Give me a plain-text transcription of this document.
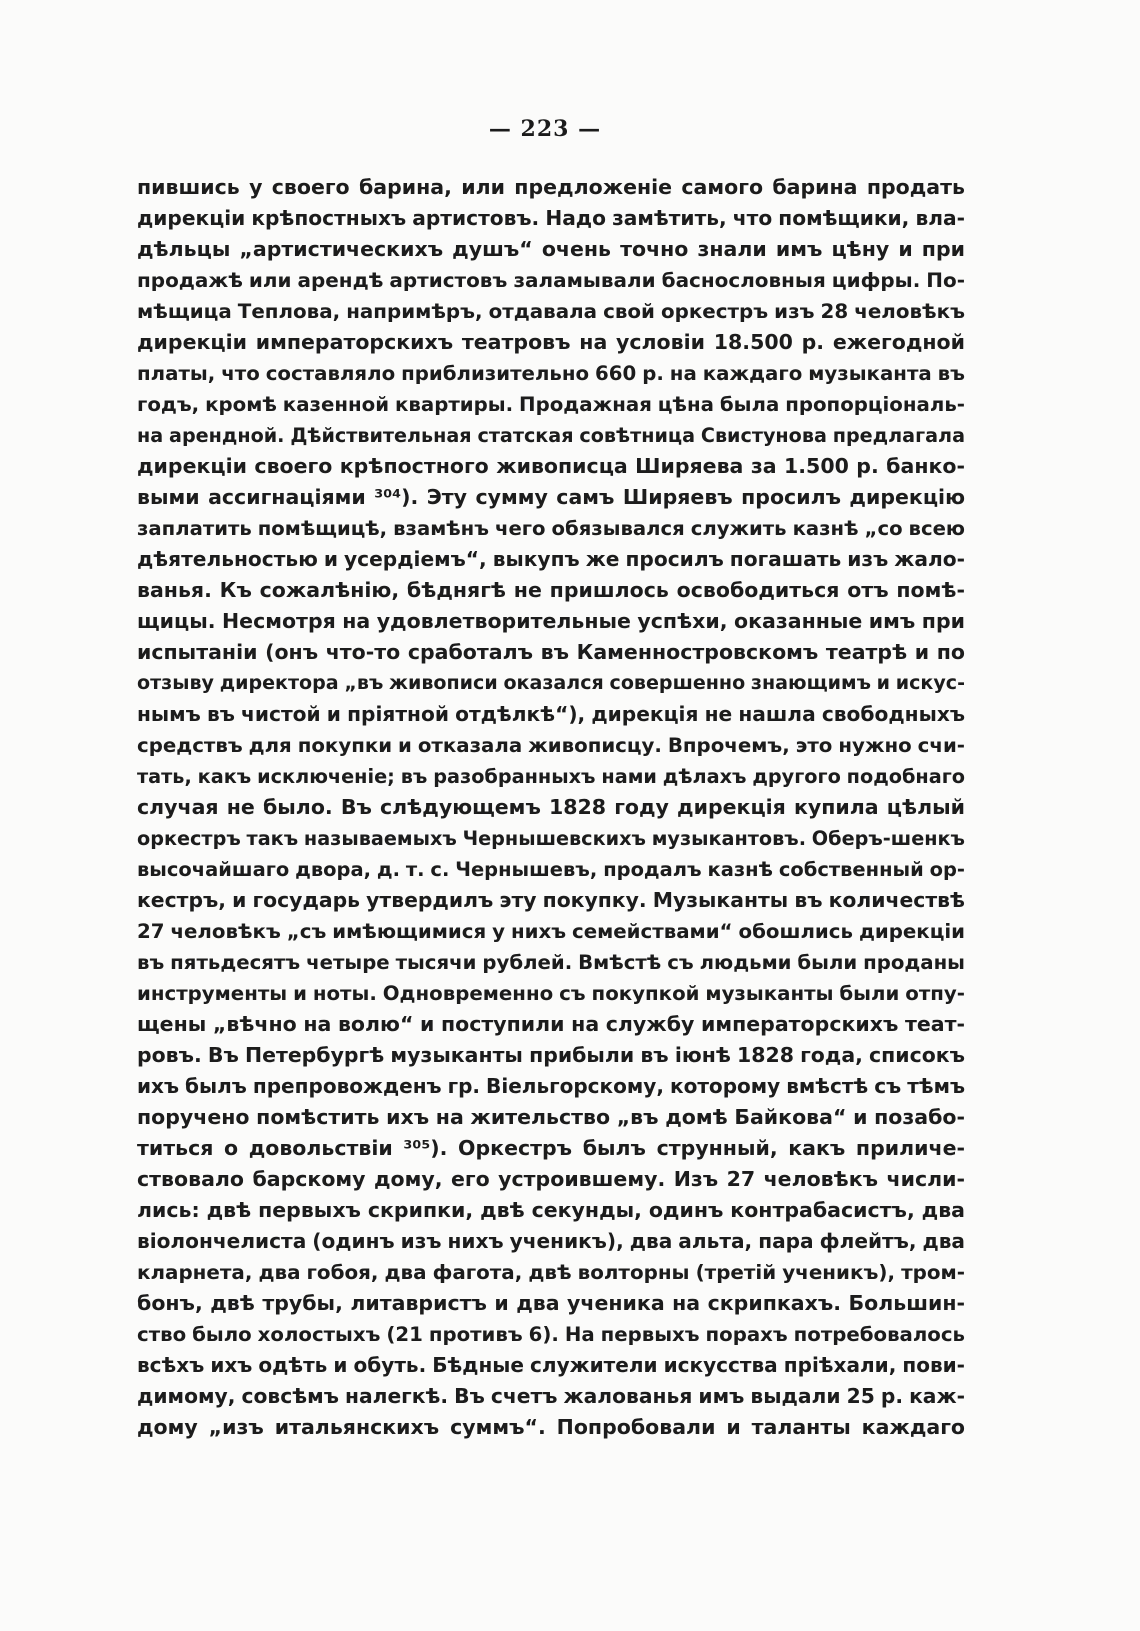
— 223 —
пившись у своего барина, или предложеніе самого барина продать
дирекціи крѣпостныхъ артистовъ. Надо замѣтить, что помѣщики, вла-
дѣльцы „артистическихъ душъ“ очень точно знали имъ цѣну и при
продажѣ или арендѣ артистовъ заламывали баснословныя цифры. По-
мѣщица Теплова, напримѣръ, отдавала свой оркестръ изъ 28 человѣкъ
дирекціи императорскихъ театровъ на условіи 18.500 р. ежегодной
платы, что составляло приблизительно 660 р. на каждаго музыканта въ
годъ, кромѣ казенной квартиры. Продажная цѣна была пропорціональ-
на арендной. Дѣйствительная статская совѣтница Свистунова предлагала
дирекціи своего крѣпостного живописца Ширяева за 1.500 р. банко-
выми ассигнаціями ³⁰⁴). Эту сумму самъ Ширяевъ просилъ дирекцію
заплатить помѣщицѣ, взамѣнъ чего обязывался служить казнѣ „со всею
дѣятельностью и усердіемъ“, выкупъ же просилъ погашать изъ жало-
ванья. Къ сожалѣнію, бѣднягѣ не пришлось освободиться отъ помѣ-
щицы. Несмотря на удовлетворительные успѣхи, оказанные имъ при
испытаніи (онъ что-то сработалъ въ Каменностровскомъ театрѣ и по
отзыву директора „въ живописи оказался совершенно знающимъ и искус-
нымъ въ чистой и пріятной отдѣлкѣ“), дирекція не нашла свободныхъ
средствъ для покупки и отказала живописцу. Впрочемъ, это нужно счи-
тать, какъ исключеніе; въ разобранныхъ нами дѣлахъ другого подобнаго
случая не было. Въ слѣдующемъ 1828 году дирекція купила цѣлый
оркестръ такъ называемыхъ Чернышевскихъ музыкантовъ. Оберъ-шенкъ
высочайшаго двора, д. т. с. Чернышевъ, продалъ казнѣ собственный ор-
кестръ, и государь утвердилъ эту покупку. Музыканты въ количествѣ
27 человѣкъ „съ имѣющимися у нихъ семействами“ обошлись дирекціи
въ пятьдесятъ четыре тысячи рублей. Вмѣстѣ съ людьми были проданы
инструменты и ноты. Одновременно съ покупкой музыканты были отпу-
щены „вѣчно на волю“ и поступили на службу императорскихъ теат-
ровъ. Въ Петербургѣ музыканты прибыли въ іюнѣ 1828 года, списокъ
ихъ былъ препровожденъ гр. Віельгорскому, которому вмѣстѣ съ тѣмъ
поручено помѣстить ихъ на жительство „въ домѣ Байкова“ и позабо-
титься о довольствіи ³⁰⁵). Оркестръ былъ струнный, какъ приличе-
ствовало барскому дому, его устроившему. Изъ 27 человѣкъ числи-
лись: двѣ первыхъ скрипки, двѣ секунды, одинъ контрабасистъ, два
віолончелиста (одинъ изъ нихъ ученикъ), два альта, пара флейтъ, два
кларнета, два гобоя, два фагота, двѣ волторны (третій ученикъ), тром-
бонъ, двѣ трубы, литавристъ и два ученика на скрипкахъ. Большин-
ство было холостыхъ (21 противъ 6). На первыхъ порахъ потребовалось
всѣхъ ихъ одѣть и обуть. Бѣдные служители искусства пріѣхали, пови-
димому, совсѣмъ налегкѣ. Въ счетъ жалованья имъ выдали 25 р. каж-
дому „изъ итальянскихъ суммъ“. Попробовали и таланты каждаго
